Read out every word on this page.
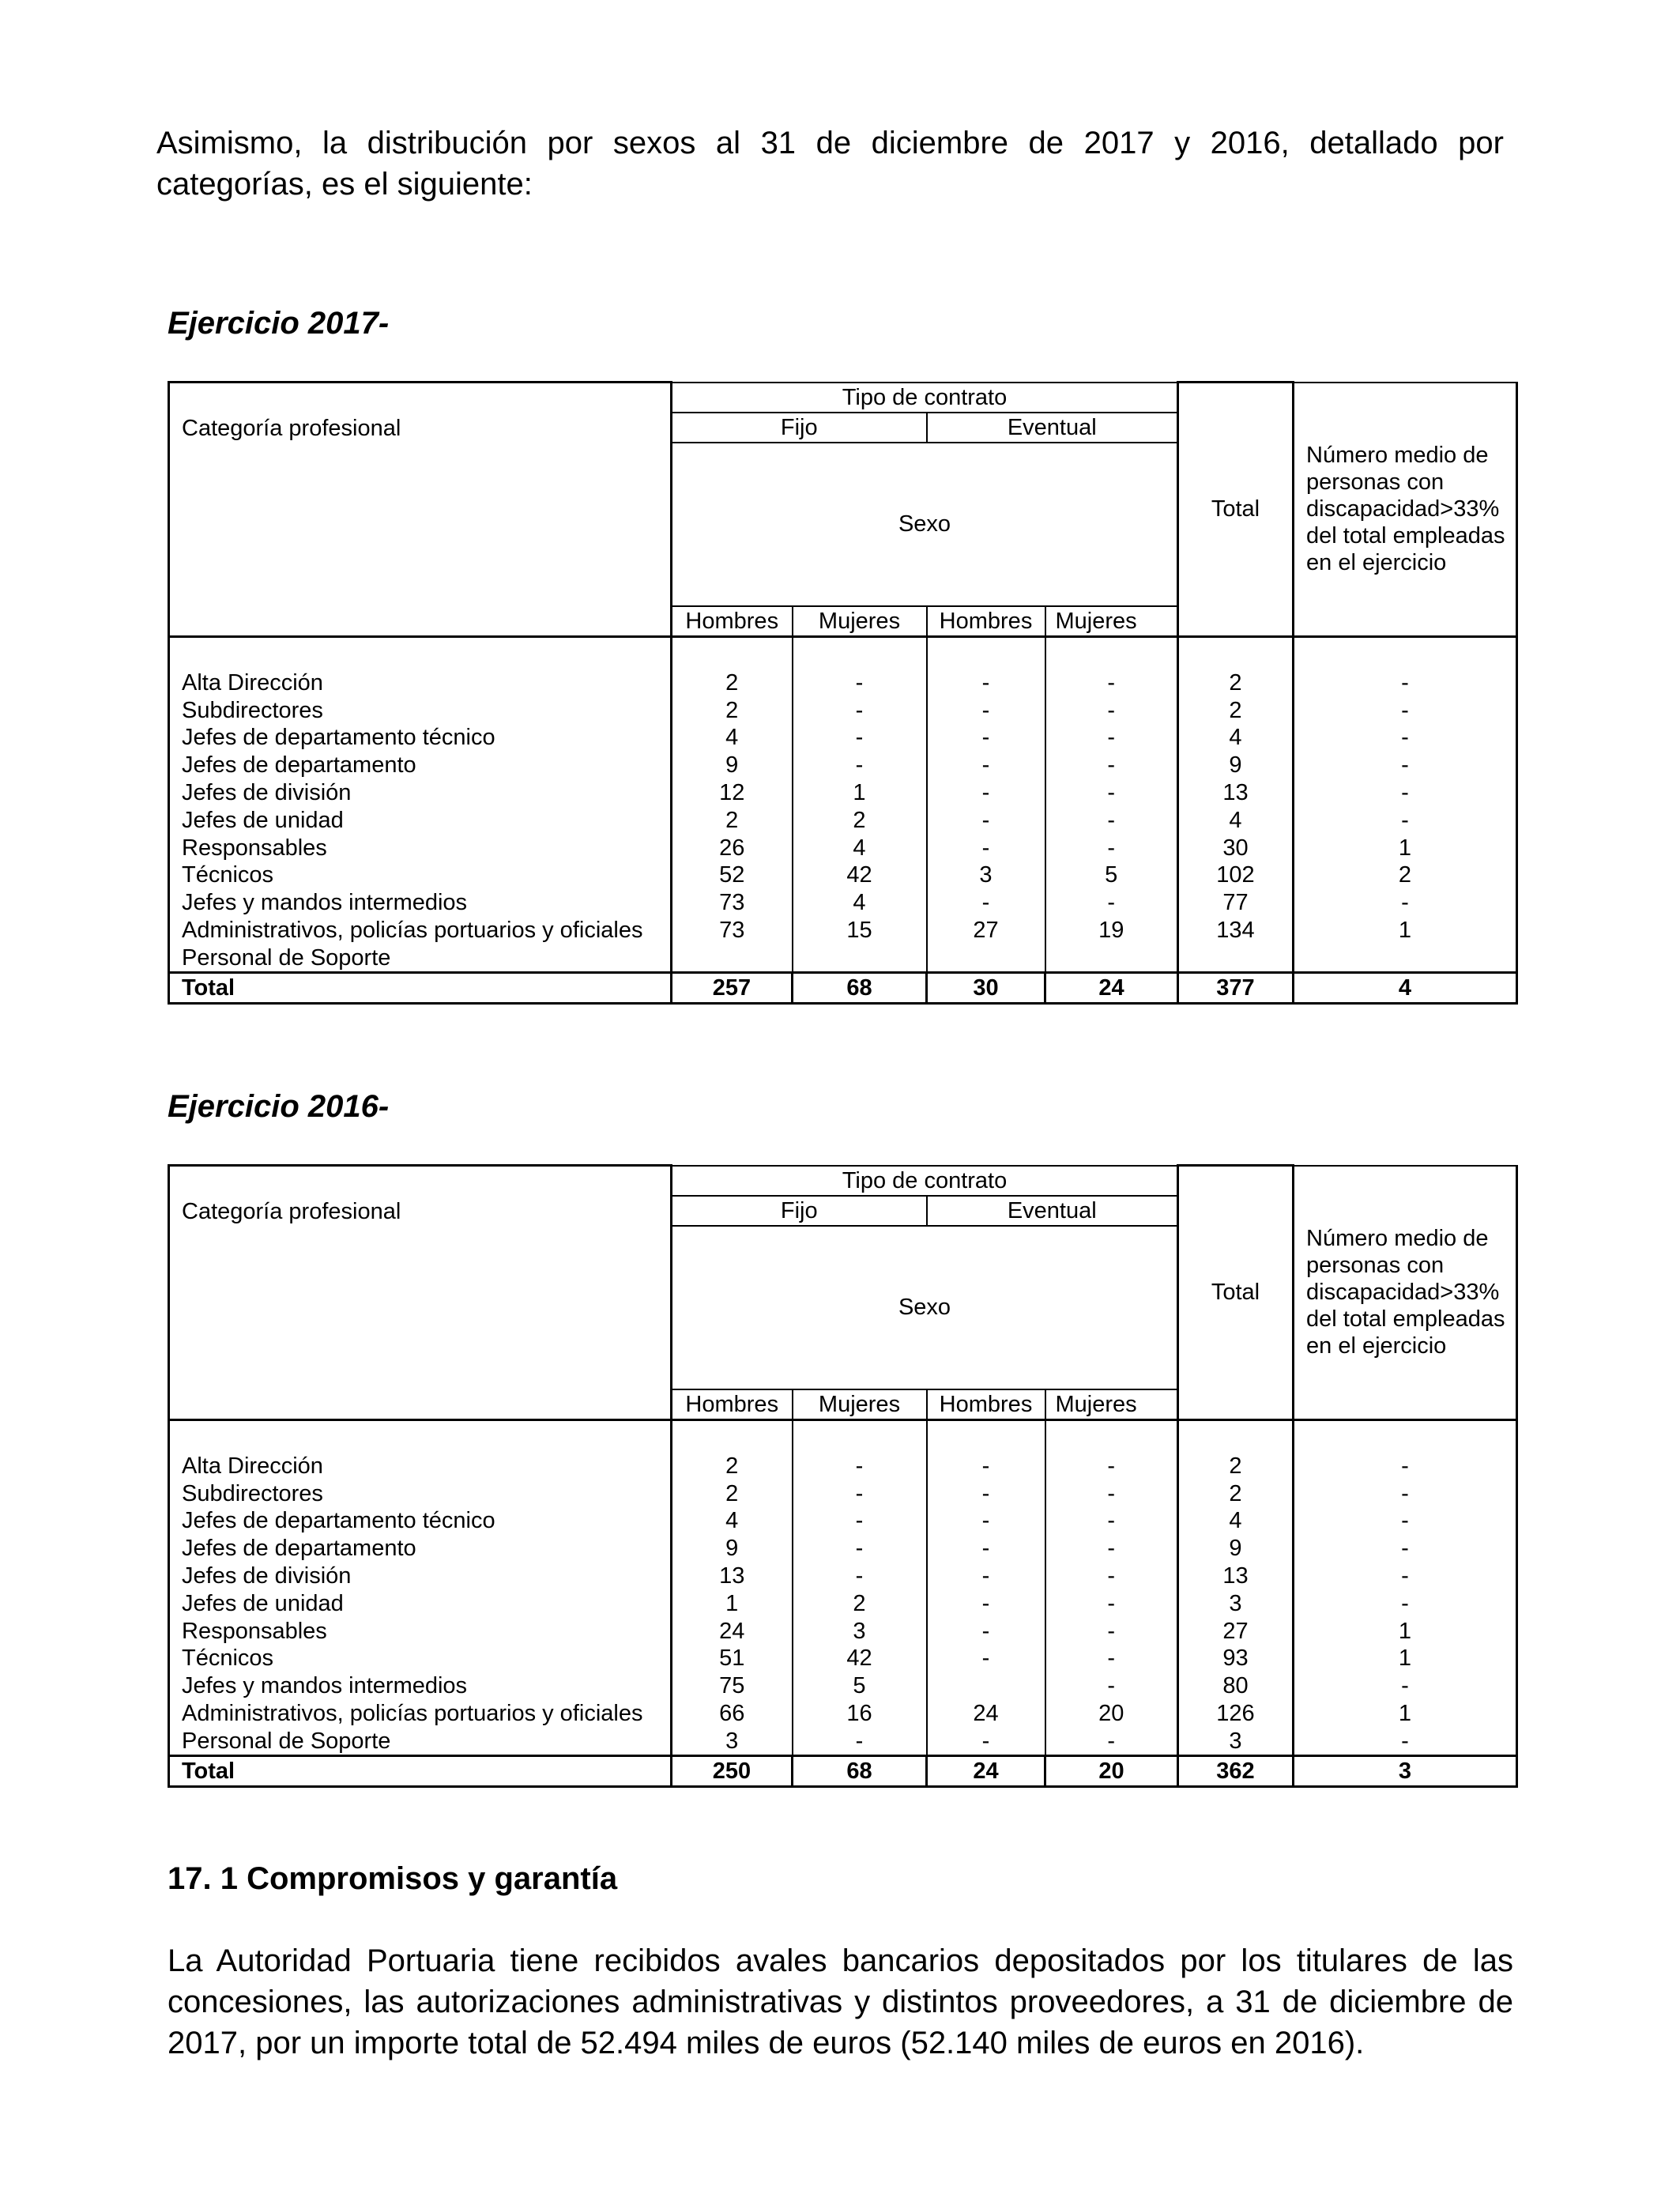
Asimismo, la distribución por sexos al 31 de diciembre de 2017 y 2016, detallado por categorías, es el siguiente:

Ejercicio 2017-

Categoría profesional	Tipo de contrato				Total	Número medio de personas con discapacidad>33% del total empleadas en el ejercicio
	Fijo		Eventual			
	Sexo					
	Hombres	Mujeres	Hombres	Mujeres		

Alta Dirección	2	-	-	-	2	-
Subdirectores	2	-	-	-	2	-
Jefes de departamento técnico	4	-	-	-	4	-
Jefes de departamento	9	-	-	-	9	-
Jefes de división	12	1	-	-	13	-
Jefes de unidad	2	2	-	-	4	-
Responsables	26	4	-	-	30	1
Técnicos	52	42	3	5	102	2
Jefes y mandos intermedios	73	4	-	-	77	-
Administrativos, policías portuarios y oficiales	73	15	27	19	134	1
Personal de Soporte						
Total	257	68	30	24	377	4

Ejercicio 2016-

Categoría profesional	Tipo de contrato				Total	Número medio de personas con discapacidad>33% del total empleadas en el ejercicio
	Fijo		Eventual			
	Sexo					
	Hombres	Mujeres	Hombres	Mujeres		

Alta Dirección	2	-	-	-	2	-
Subdirectores	2	-	-	-	2	-
Jefes de departamento técnico	4	-	-	-	4	-
Jefes de departamento	9	-	-	-	9	-
Jefes de división	13	-	-	-	13	-
Jefes de unidad	1	2	-	-	3	-
Responsables	24	3	-	-	27	1
Técnicos	51	42	-	-	93	1
Jefes y mandos intermedios	75	5		-	80	-
Administrativos, policías portuarios y oficiales	66	16	24	20	126	1
Personal de Soporte	3	-	-	-	3	-
Total	250	68	24	20	362	3
17. 1 Compromisos y garantía

La Autoridad Portuaria tiene recibidos avales bancarios depositados por los titulares de las concesiones, las autorizaciones administrativas y distintos proveedores, a 31 de diciembre de 2017, por un importe total de 52.494 miles de euros (52.140 miles de euros en 2016).
